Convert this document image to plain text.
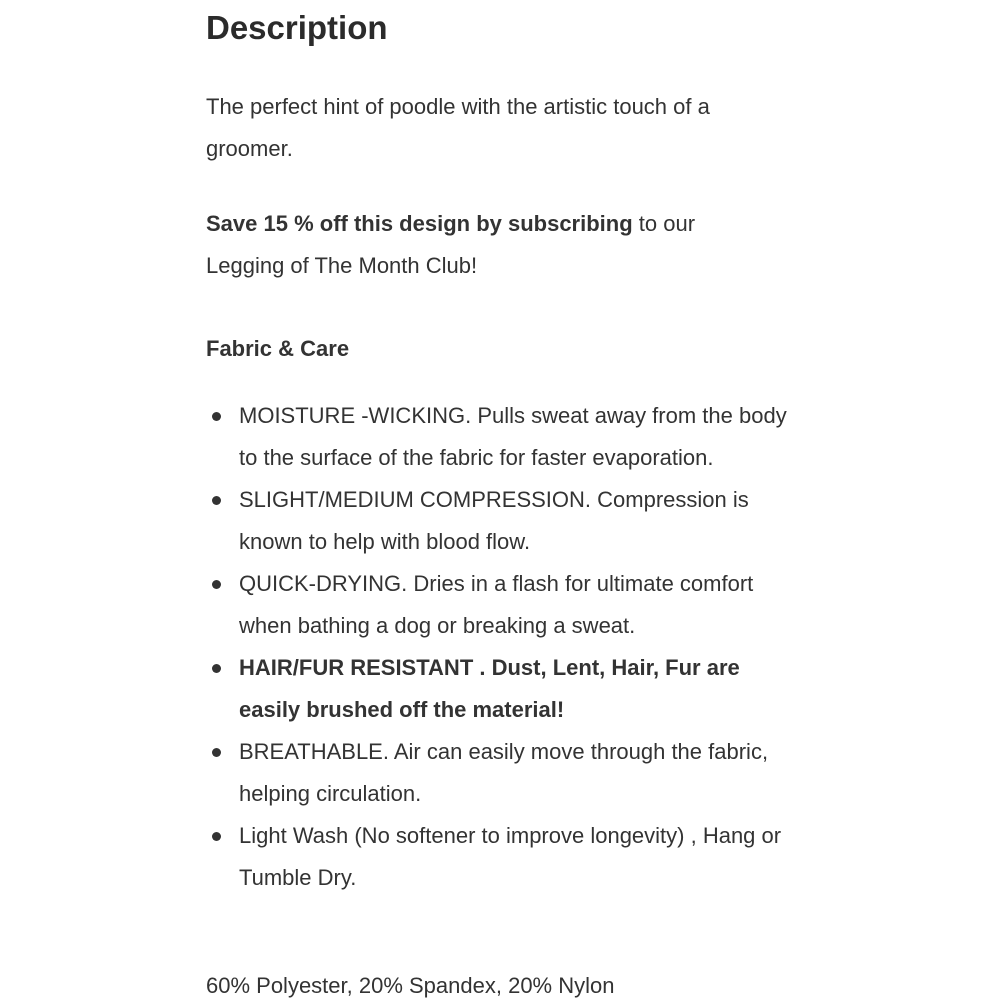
Description

The perfect hint of poodle with the artistic touch of a groomer.

Save 15 % off this design by subscribing to our Legging of The Month Club!

Fabric & Care
MOISTURE -WICKING. Pulls sweat away from the body to the surface of the fabric for faster evaporation.
SLIGHT/MEDIUM COMPRESSION. Compression is known to help with blood flow.
QUICK-DRYING. Dries in a flash for ultimate comfort when bathing a dog or breaking a sweat.
HAIR/FUR RESISTANT . Dust, Lent, Hair, Fur are easily brushed off the material!
BREATHABLE. Air can easily move through the fabric, helping circulation.
Light Wash (No softener to improve longevity) , Hang or Tumble Dry.

60% Polyester, 20% Spandex, 20% Nylon
